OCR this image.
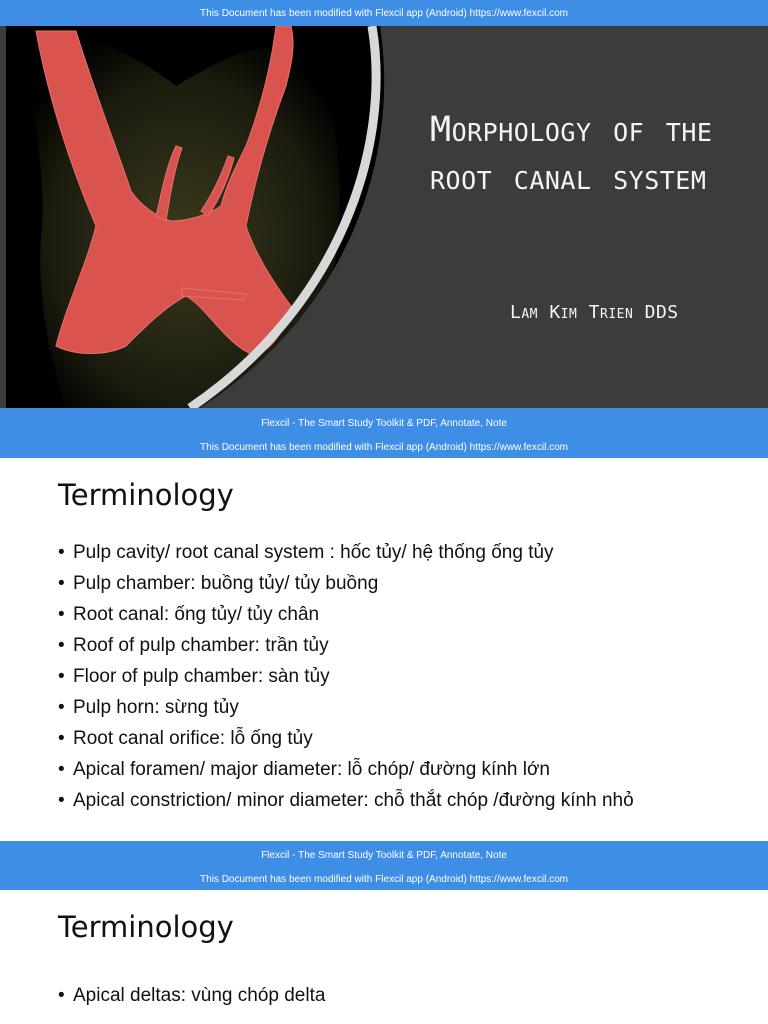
This Document has been modified with Flexcil app (Android) https://www.fexcil.com
Morphology of the root canal system
Lam Kim Trien DDS
Flexcil - The Smart Study Toolkit & PDF, Annotate, Note
This Document has been modified with Flexcil app (Android) https://www.fexcil.com
Terminology
• Pulp cavity/ root canal system : hốc tủy/ hệ thống ống tủy
• Pulp chamber: buồng tủy/ tủy buồng
• Root canal: ống tủy/ tủy chân
• Roof of pulp chamber: trần tủy
• Floor of pulp chamber: sàn tủy
• Pulp horn: sừng tủy
• Root canal orifice: lỗ ống tủy
• Apical foramen/ major diameter: lỗ chóp/ đường kính lớn
• Apical constriction/ minor diameter: chỗ thắt chóp /đường kính nhỏ
Flexcil - The Smart Study Toolkit & PDF, Annotate, Note
This Document has been modified with Flexcil app (Android) https://www.fexcil.com
Terminology
• Apical deltas: vùng chóp delta
